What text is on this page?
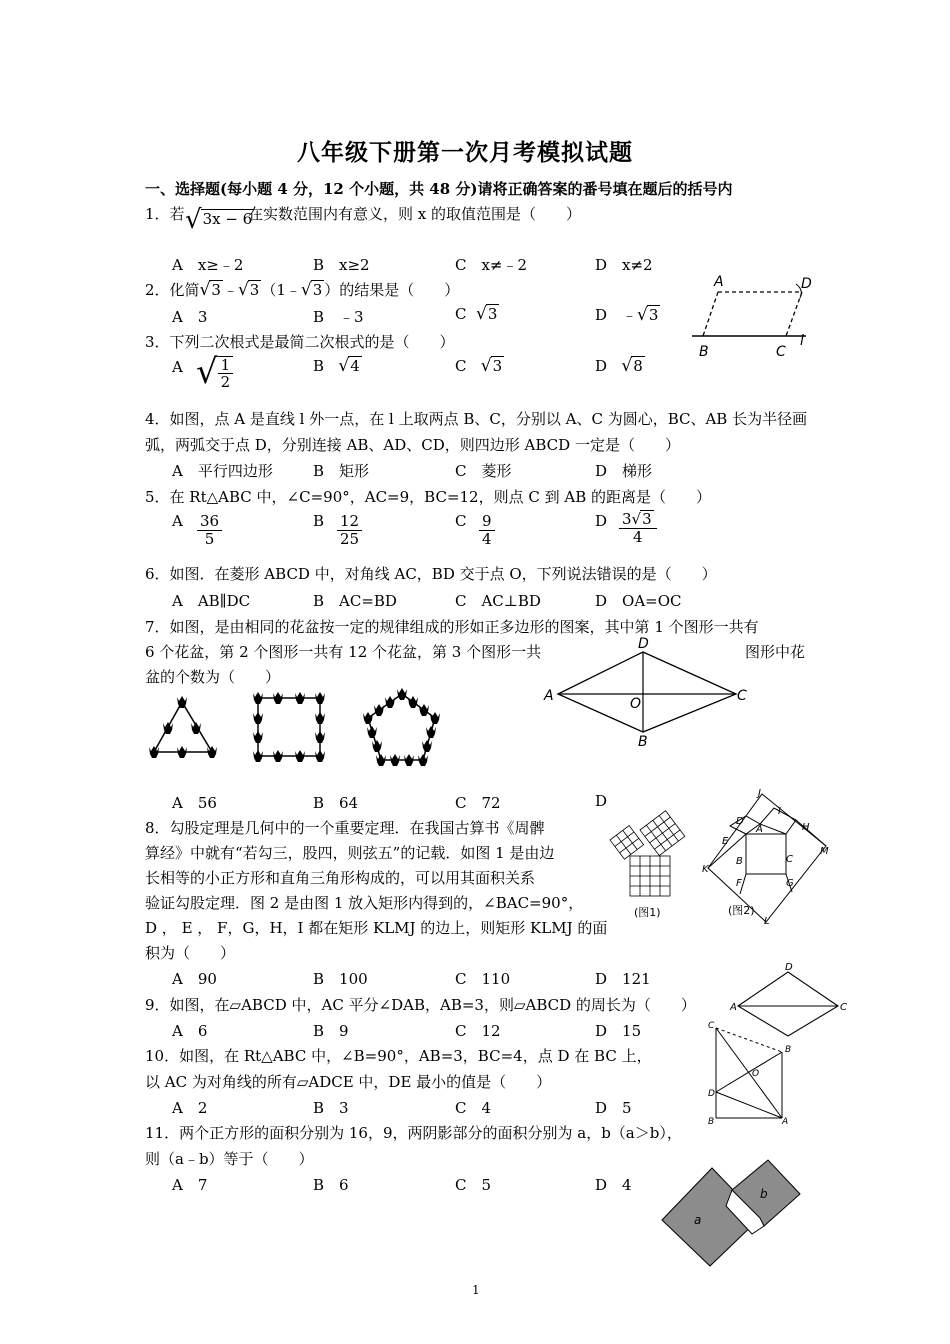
八年级下册第一次月考模拟试题
一、选择题(每小题 4 分，12 个小题，共 48 分)请将正确答案的番号填在题后的括号内
1．若 √3x − 6
在实数范围内有意义，则 x 的取值范围是（　　）
A　x≥﹣2	B　x≥2	C　x≠﹣2	D　x≠2
2．化简√3 ﹣√3 （1﹣√3 ）的结果是（　　）
A　3	B　﹣3	C √3	D　﹣√3
A	D
B	C
l
3．下列二次根式是最简二次根式的是（　　）
A √ $\frac{1}{2}$	B √4	C √3	D √8
4．如图，点 A 是直线 l 外一点，在 l 上取两点 B、C，分别以 A、C 为圆心，BC、AB 长为半径画
弧，两弧交于点 D，分别连接 AB、AD、CD，则四边形 ABCD 一定是（　　）
A　平行四边形	B　矩形	C　菱形	D　梯形
5．在 Rt△ABC 中，∠C=90°，AC=9，BC=12，则点 C 到 AB 的距离是（　　）
A $\frac{36}{5}$	B $\frac{12}{25}$	C $\frac{9}{4}$	D $\frac{3√3}{4}$
6．如图．在菱形 ABCD 中，对角线 AC，BD 交于点 O，下列说法错误的是（　　）
A　AB∥DC	B　AC=BD	C　AC⊥BD	D　OA=OC
7．如图，是由相同的花盆按一定的规律组成的形如正多边形的图案，其中第 1 个图形一共有
6 个花盆，第 2 个图形一共有 12 个花盆，第 3 个图形一共	图形中花
盆的个数为（　　）
D
A	O	C
B
A　56	B　64	C　72	D
8．勾股定理是几何中的一个重要定理．在我国古算书《周髀
算经》中就有“若勾三，股四，则弦五”的记载．如图 1 是由边
长相等的小正方形和直角三角形构成的，可以用其面积关系
验证勾股定理．图 2 是由图 1 放入矩形内得到的，∠BAC=90°，
D ， E ， F，G，H，I 都在矩形 KLMJ 的边上，则矩形 KLMJ 的面
积为（　　）
A　90	B　100	C　110	D　121
(图1)
J
D
A
I
H
E
M
B	C
K
F	G
L
(图2)
9．如图，在▱ABCD 中，AC 平分∠DAB，AB=3，则▱ABCD 的周长为（　　）
A　6	B　9	C　12	D　15
D
A	C
10．如图，在 Rt△ABC 中，∠B=90°，AB=3，BC=4，点 D 在 BC 上，
以 AC 为对角线的所有▱ADCE 中，DE 最小的值是（　　）
A　2	B　3	C　4	D　5
C
B
O
D
B	A
11．两个正方形的面积分别为 16，9，两阴影部分的面积分别为 a，b（a＞b），
则（a﹣b）等于（　　）
A　7	B　6	C　5	D　4
a
b
1
